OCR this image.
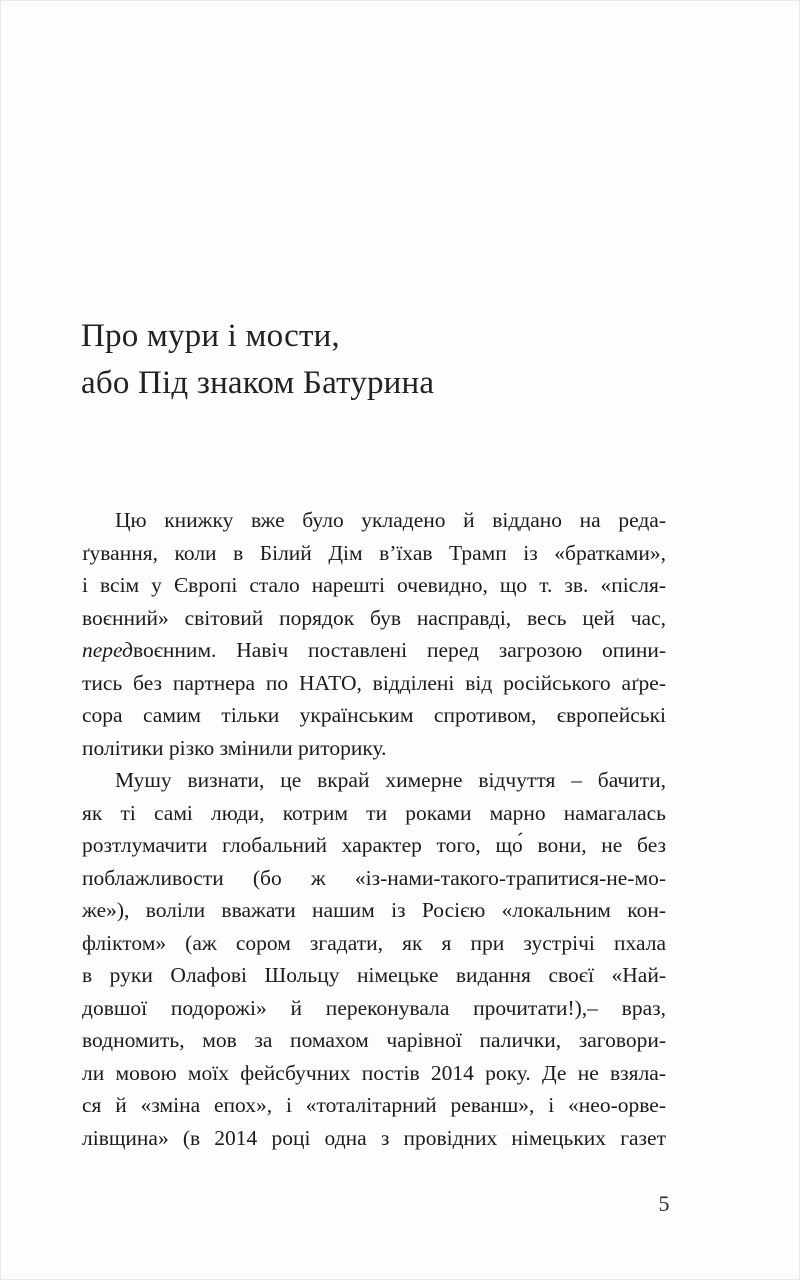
Про мури і мости,
або Під знаком Батурина
Цю книжку вже було укладено й віддано на реда-
ґування, коли в Білий Дім в’їхав Трамп із «братками»,
і всім у Європі стало нарешті очевидно, що т. зв. «після-
воєнний» світовий порядок був насправді, весь цей час,
передвоєнним. Навіч поставлені перед загрозою опини-
тись без партнера по НАТО, відділені від російського аґре-
сора самим тільки українським спротивом, європейські
політики різко змінили риторику.
Мушу визнати, це вкрай химерне відчуття – бачити,
як ті самі люди, котрим ти роками марно намагалась
розтлумачити глобальний характер того, що́ вони, не без
поблажливости (бо ж «із-нами-такого-трапитися-не-мо-
же»), воліли вважати нашим із Росією «локальним кон-
фліктом» (аж сором згадати, як я при зустрічі пхала
в руки Олафові Шольцу німецьке видання своєї «Най-
довшої подорожі» й переконувала прочитати!),– враз,
водномить, мов за помахом чарівної палички, заговори-
ли мовою моїх фейсбучних постів 2014 року. Де не взяла-
ся й «зміна епох», і «тоталітарний реванш», і «нео-орве-
лівщина» (в 2014 році одна з провідних німецьких газет
5
